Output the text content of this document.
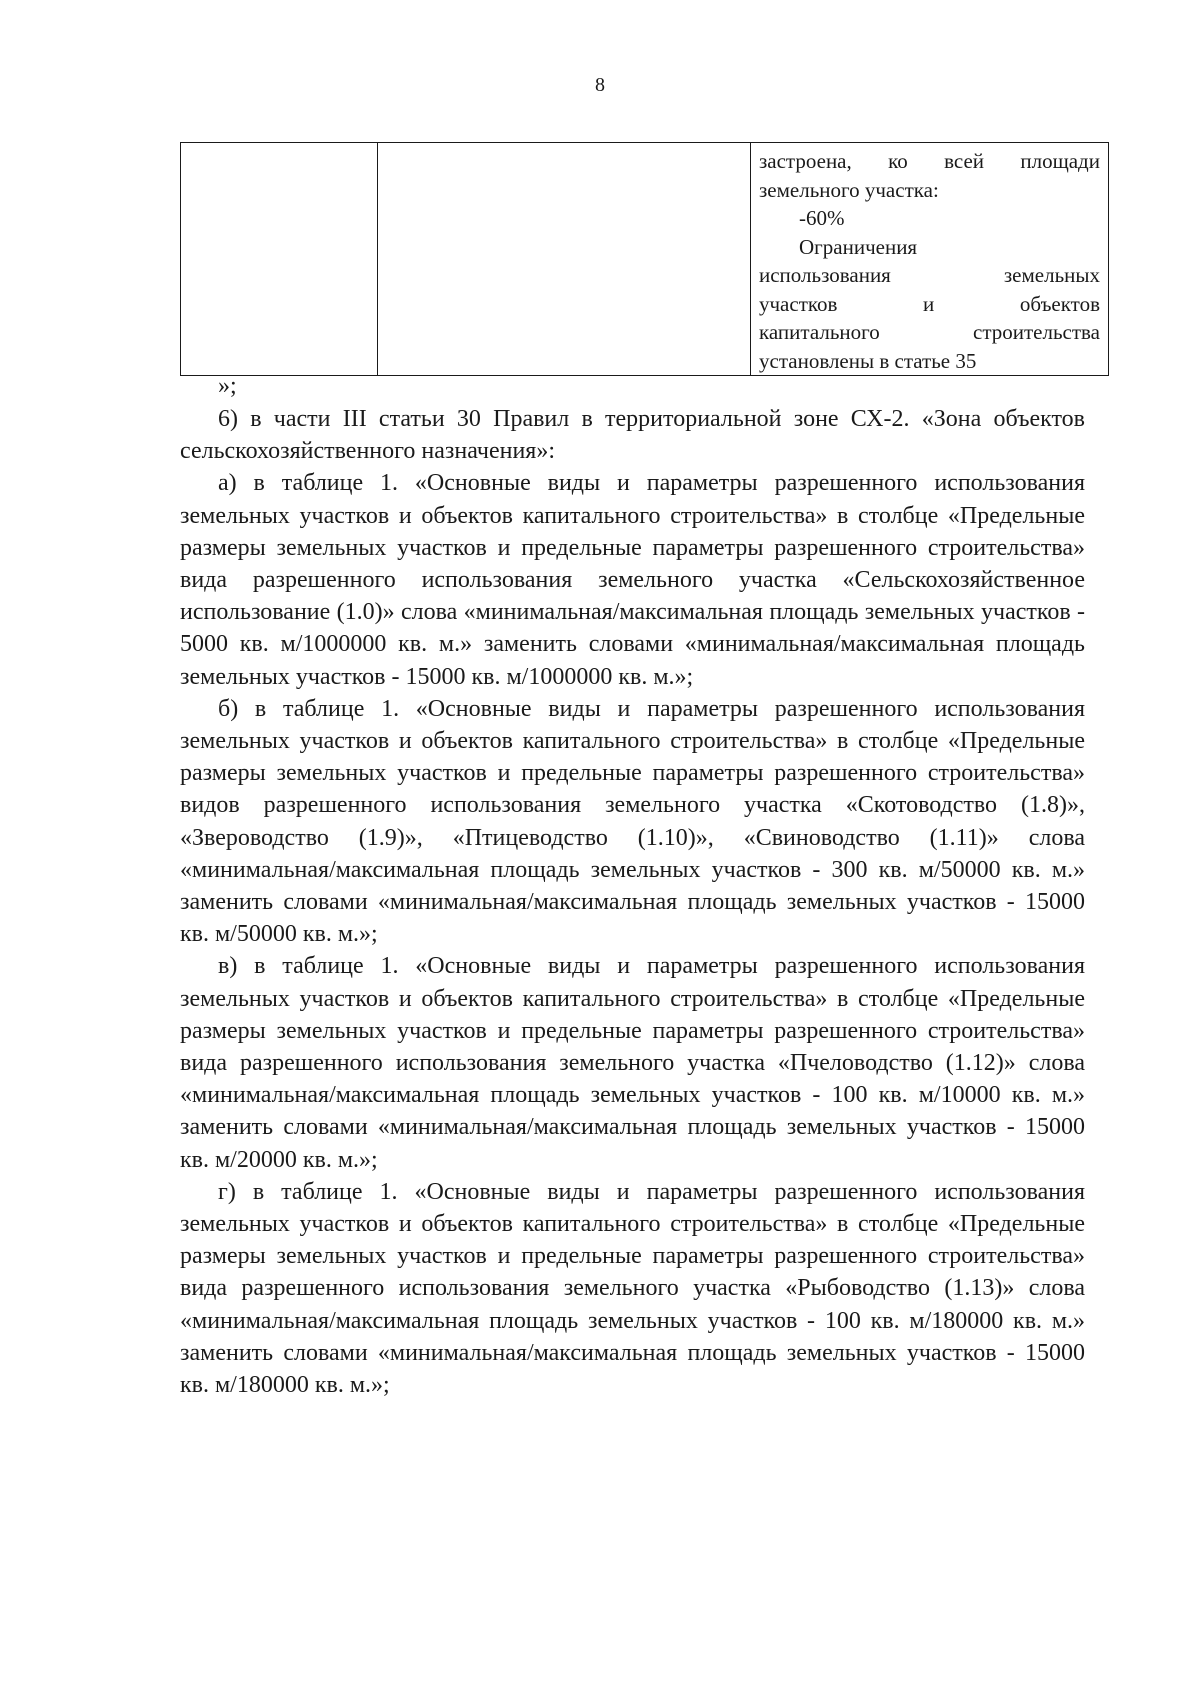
8

застроена, ко всей площади

земельного участка:

-60%

Ограничения

использования земельных

участков и объектов

капитального строительства

установлены в статье 35

»;

6) в части III статьи 30 Правил в территориальной зоне СХ-2. «Зона объектов сельскохозяйственного назначения»:

а) в таблице 1. «Основные виды и параметры разрешенного использования земельных участков и объектов капитального строительства» в столбце «Предельные размеры земельных участков и предельные параметры разрешенного строительства» вида разрешенного использования земельного участка «Сельскохозяйственное использование (1.0)» слова «минимальная/максимальная площадь земельных участков - 5000 кв. м/1000000 кв. м.» заменить словами «минимальная/максимальная площадь земельных участков - 15000 кв. м/1000000 кв. м.»;

б) в таблице 1. «Основные виды и параметры разрешенного использования земельных участков и объектов капитального строительства» в столбце «Предельные размеры земельных участков и предельные параметры разрешенного строительства» видов разрешенного использования земельного участка «Скотоводство (1.8)», «Звероводство (1.9)», «Птицеводство (1.10)», «Свиноводство (1.11)» слова «минимальная/максимальная площадь земельных участков - 300 кв. м/50000 кв. м.» заменить словами «минимальная/максимальная площадь земельных участков - 15000 кв. м/50000 кв. м.»;

в) в таблице 1. «Основные виды и параметры разрешенного использования земельных участков и объектов капитального строительства» в столбце «Предельные размеры земельных участков и предельные параметры разрешенного строительства» вида разрешенного использования земельного участка «Пчеловодство (1.12)» слова «минимальная/максимальная площадь земельных участков - 100 кв. м/10000 кв. м.» заменить словами «минимальная/максимальная площадь земельных участков - 15000 кв. м/20000 кв. м.»;

г) в таблице 1. «Основные виды и параметры разрешенного использования земельных участков и объектов капитального строительства» в столбце «Предельные размеры земельных участков и предельные параметры разрешенного строительства» вида разрешенного использования земельного участка «Рыбоводство (1.13)» слова «минимальная/максимальная площадь земельных участков - 100 кв. м/180000 кв. м.» заменить словами «минимальная/максимальная площадь земельных участков - 15000 кв. м/180000 кв. м.»;
